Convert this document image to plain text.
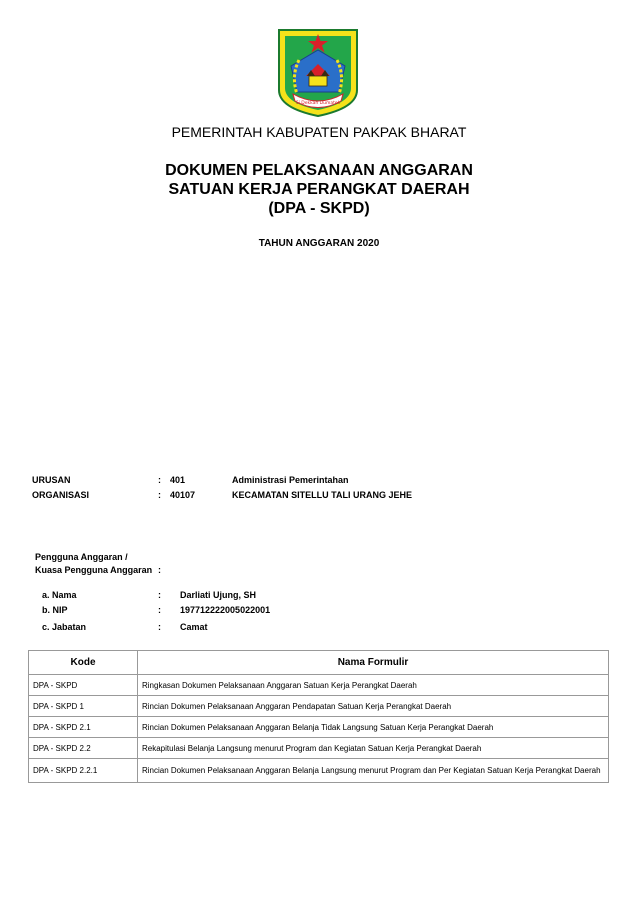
Si Dekkah Dumatek
PEMERINTAH KABUPATEN PAKPAK BHARAT
DOKUMEN PELAKSANAAN ANGGARAN
SATUAN KERJA PERANGKAT DAERAH
(DPA - SKPD)
TAHUN ANGGARAN 2020
URUSAN	: 401	Administrasi Pemerintahan
ORGANISASI	: 40107	KECAMATAN SITELLU TALI URANG JEHE
Pengguna Anggaran /
Kuasa Pengguna Anggaran :
a. Nama	: Darliati Ujung, SH
b. NIP	: 197712222005022001
c. Jabatan	: Camat
Kode	Nama Formulir
DPA - SKPD	Ringkasan Dokumen Pelaksanaan Anggaran Satuan Kerja Perangkat Daerah
DPA - SKPD 1	Rincian Dokumen Pelaksanaan Anggaran Pendapatan Satuan Kerja Perangkat Daerah
DPA - SKPD 2.1	Rincian Dokumen Pelaksanaan Anggaran Belanja Tidak Langsung Satuan Kerja Perangkat Daerah
DPA - SKPD 2.2	Rekapitulasi Belanja Langsung menurut Program dan Kegiatan Satuan Kerja Perangkat Daerah
DPA - SKPD 2.2.1	Rincian Dokumen Pelaksanaan Anggaran Belanja Langsung menurut Program dan Per Kegiatan Satuan Kerja Perangkat Daerah
